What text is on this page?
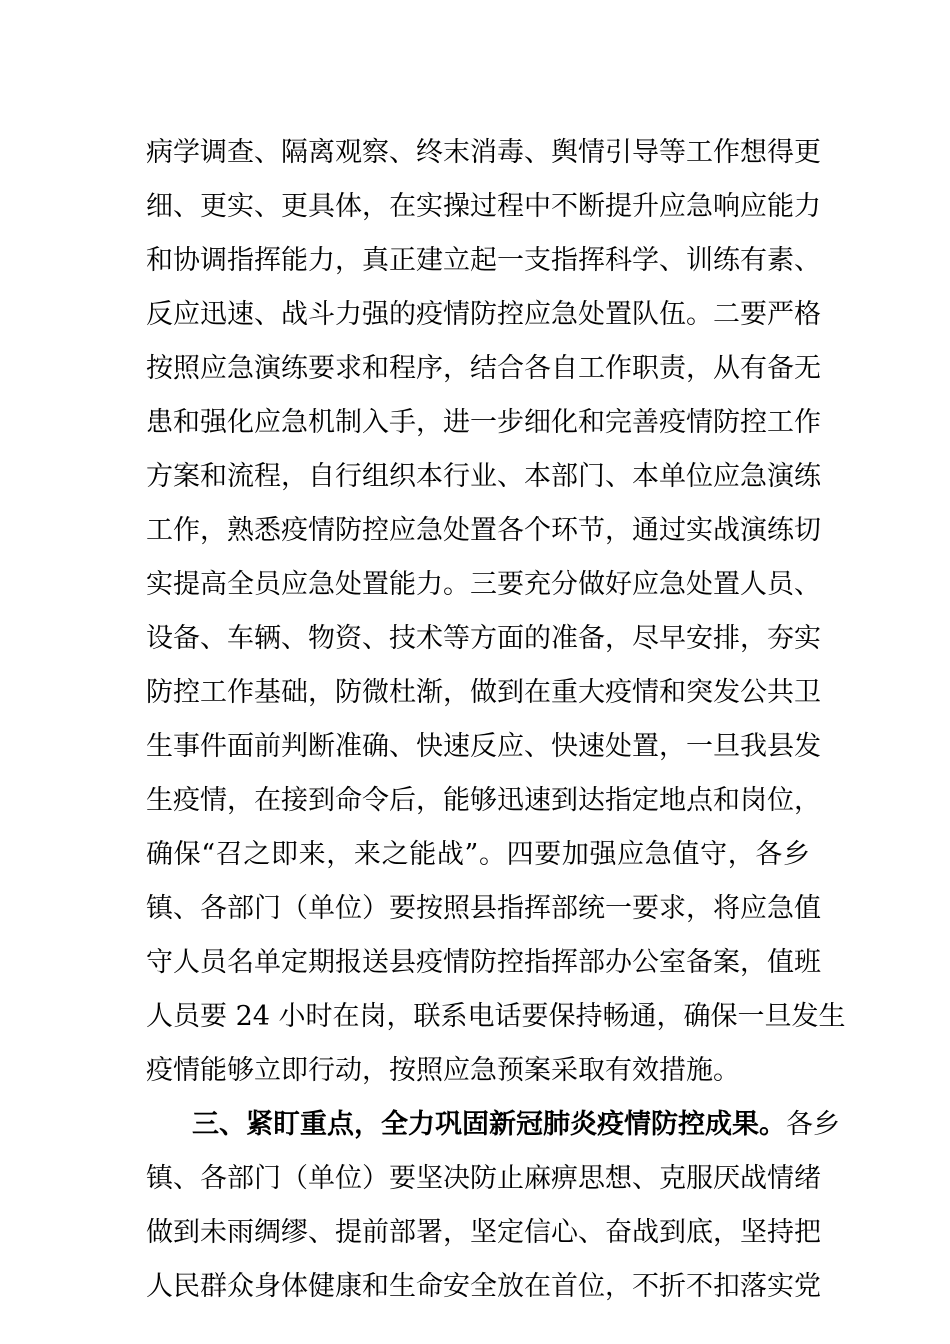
病学调查、隔离观察、终末消毒、舆情引导等工作想得更
细、更实、更具体，在实操过程中不断提升应急响应能力
和协调指挥能力，真正建立起一支指挥科学、训练有素、
反应迅速、战斗力强的疫情防控应急处置队伍。二要严格
按照应急演练要求和程序，结合各自工作职责，从有备无
患和强化应急机制入手，进一步细化和完善疫情防控工作
方案和流程，自行组织本行业、本部门、本单位应急演练
工作，熟悉疫情防控应急处置各个环节，通过实战演练切
实提高全员应急处置能力。三要充分做好应急处置人员、
设备、车辆、物资、技术等方面的准备，尽早安排，夯实
防控工作基础，防微杜渐，做到在重大疫情和突发公共卫
生事件面前判断准确、快速反应、快速处置，一旦我县发
生疫情，在接到命令后，能够迅速到达指定地点和岗位，
确保“召之即来，来之能战”。四要加强应急值守，各乡
镇、各部门（单位）要按照县指挥部统一要求，将应急值
守人员名单定期报送县疫情防控指挥部办公室备案，值班
人员要 24 小时在岗，联系电话要保持畅通，确保一旦发生
疫情能够立即行动，按照应急预案采取有效措施。
三、紧盯重点，全力巩固新冠肺炎疫情防控成果。各乡
镇、各部门（单位）要坚决防止麻痹思想、克服厌战情绪
做到未雨绸缪、提前部署，坚定信心、奋战到底，坚持把
人民群众身体健康和生命安全放在首位，不折不扣落实党
